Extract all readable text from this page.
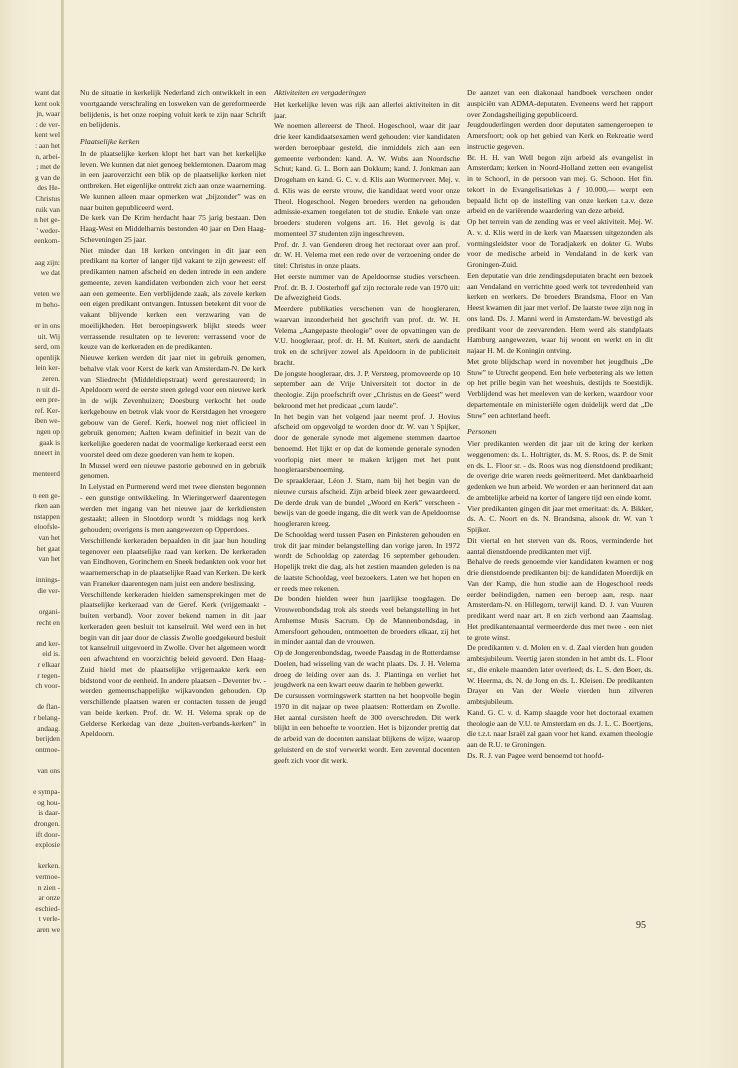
want dat
kent ook
jn, waar
: de ver-
kent wel
: aan het
n, arbei-
; met de
g van de
des He-
Christus
ruik van
n het ge-
' weder-
eenkom-
aag zijn:
we dat
veten we
m beho-
er in ons
uit. Wij
serd, om
openlijk
lein ker-
zeren.
n uit di-
een pre-
ref. Ker-
iben we-
ngen op
gaak is
nneert in
menteerd
n een ge-
rken aan
nstappen
eloofsle-
van het
het gaat
van het
innings-
die ver-
organi-
recht en
and ker-
eid is.
r elkaar
r tegen-
ch voor-
de flan-
r belang-
andaag.
berijden
ontmoe-
van ons
e sympa-
og hou-
is daar-
drongen.
ift door-
explosie
kerken.
vermoe-
n zien -
ar onze
eschied-
t verle-
aren we

Nu de situatie in kerkelijk Nederland zich ontwikkelt in een voortgaande verschraling en losweken van de gereformeerde belijdenis, is het onze roeping voluit kerk te zijn naar Schrift en belijdenis.

Plaatselijke kerken

In de plaatselijke kerken klopt het hart van het kerkelijke leven. We kunnen dat niet genoeg beklemtonen. Daarom mag in een jaaroverzicht een blik op de plaatselijke kerken niet ontbreken. Het eigenlijke onttrekt zich aan onze waarneming. We kunnen alleen maar opmerken wat „bijzonder” was en naar buiten gepubliceerd werd.

De kerk van De Krim herdacht haar 75 jarig bestaan. Den Haag-West en Middelharnis bestonden 40 jaar en Den Haag-Scheveningen 25 jaar.

Niet minder dan 18 kerken ontvingen in dit jaar een predikant na korter of langer tijd vakant te zijn geweest: elf predikanten namen afscheid en deden intrede in een andere gemeente, zeven kandidaten verbonden zich voor het eerst aan een gemeente. Een verblijdende zaak, als zovele kerken een eigen predikant ontvangen. Intussen betekent dit voor de vakant blijvende kerken een verzwaring van de moeilijkheden. Het beroepingswerk blijkt steeds weer verrassende resultaten op te leveren: verrassend voor de keuze van de kerkeraden en de predikanten.

Nieuwe kerken werden dit jaar niet in gebruik genomen, behalve vlak voor Kerst de kerk van Amsterdam-N. De kerk van Sliedrecht (Middeldiepstraat) werd gerestaureerd; in Apeldoorn werd de eerste steen gelegd voor een nieuwe kerk in de wijk Zevenhuizen; Doesburg verkocht het oude kerkgebouw en betrok vlak voor de Kerstdagen het vroegere gebouw van de Geref. Kerk, hoewel nog niet officieel in gebruik genomen; Aalten kwam definitief in bezit van de kerkelijke goederen nadat de voormalige kerkeraad eerst een voorstel deed om deze goederen van hem te kopen.

In Mussel werd een nieuwe pastorie gebouwd en in gebruik genomen.

In Lelystad en Purmerend werd met twee diensten begonnen - een gunstige ontwikkeling. In Wieringerwerf daarentegen werden met ingang van het nieuwe jaar de kerkdiensten gestaakt; alleen in Slootdorp wordt 's middags nog kerk gehouden; overigens is men aangewezen op Opperdoes.

Verschillende kerkeraden bepaalden in dit jaar hun houding tegenover een plaatselijke raad van kerken. De kerkeraden van Eindhoven, Gorinchem en Sneek bedankten ook voor het waarnemerschap in de plaatselijke Raad van Kerken. De kerk van Franeker daarentegen nam juist een andere beslissing.

Verschillende kerkeraden hielden samensprekingen met de plaatselijke kerkeraad van de Geref. Kerk (vrijgemaakt - buiten verband). Voor zover bekend namen in dit jaar kerkeraden geen besluit tot kanselruil. Wel werd een in het begin van dit jaar door de classis Zwolle goedgekeurd besluit tot kanselruil uitgevoerd in Zwolle. Over het algemeen wordt een afwachtend en voorzichtig beleid gevoerd. Den Haag-Zuid hield met de plaatselijke vrijgemaakte kerk een bidstond voor de eenheid. In andere plaatsen - Deventer bv. - werden gemeenschappelijke wijkavonden gehouden. Op verschillende plaatsen waren er contacten tussen de jeugd van beide kerken. Prof. dr. W. H. Velema sprak op de Gelderse Kerkedag van deze „buiten-verbands-kerken” in Apeldoorn.

Aktiviteiten en vergaderingen

Het kerkelijke leven was rijk aan allerlei aktiviteiten in dit jaar.

We noemen allereerst de Theol. Hogeschool, waar dit jaar drie keer kandidaatsexamen werd gehouden: vier kandidaten werden beroepbaar gesteld, die inmiddels zich aan een gemeente verbonden: kand. A. W. Wubs aan Noordsche Schut; kand. G. L. Born aan Dokkum; kand. J. Jonkman aan Drogeham en kand. G. C. v. d. Klis aan Wormerveer. Mej. v. d. Klis was de eerste vrouw, die kandidaat werd voor onze Theol. Hogeschool. Negen broeders werden na gehouden admissie-examen toegelaten tot de studie. Enkele van onze broeders studeren volgens art. 16. Het gevolg is dat momenteel 37 studenten zijn ingeschreven.

Prof. dr. J. van Genderen droeg het rectoraat over aan prof. dr. W. H. Velema met een rede over de verzoening onder de titel: Christus in onze plaats.

Het eerste nummer van de Apeldoornse studies verscheen. Prof. dr. B. J. Oosterhoff gaf zijn rectorale rede van 1970 uit: De afwezigheid Gods.

Meerdere publikaties verschenen van de hoogleraren, waarvan inzonderheid het geschrift van prof. dr. W. H. Velema „Aangepaste theologie” over de opvattingen van de V.U. hoogleraar, prof. dr. H. M. Kuitert, sterk de aandacht trok en de schrijver zowel als Apeldoorn in de publiciteit bracht.

De jongste hoogleraar, drs. J. P. Versteeg, promoveerde op 10 september aan de Vrije Universiteit tot doctor in de theologie. Zijn proefschrift over „Christus en de Geest” werd bekroond met het predicaat „cum laude”.

In het begin van het volgend jaar neemt prof. J. Hovius afscheid om opgevolgd te worden door dr. W. van 't Spijker, door de generale synode met algemene stemmen daartoe benoemd. Het lijkt er op dat de komende generale synoden voorlopig niet meer te maken krijgen met het punt hoogleraarsbenoeming.

De spraakleraar, Léon J. Stam, nam bij het begin van de nieuwe cursus afscheid. Zijn arbeid bleek zeer gewaardeerd. De derde druk van de bundel „Woord en Kerk” verscheen - bewijs van de goede ingang, die dit werk van de Apeldoornse hoogleraren kreeg.

De Schooldag werd tussen Pasen en Pinksteren gehouden en trok dit jaar minder belangstelling dan vorige jaren. In 1972 wordt de Schooldag op zaterdag 16 september gehouden. Hopelijk trekt die dag, als het zestien maanden geleden is na de laatste Schooldag, veel bezoekers. Laten we het hopen en er reeds mee rekenen.

De bonden hielden weer hun jaarlijkse toogdagen. De Vrouwenbondsdag trok als steeds veel belangstelling in het Arnhemse Musis Sacrum. Op de Mannenbondsdag, in Amersfoort gehouden, ontmoetten de broeders elkaar, zij het in minder aantal dan de vrouwen.

Op de Jongerenbondsdag, tweede Paasdag in de Rotterdamse Doelen, had wisseling van de wacht plaats. Ds. J. H. Velema droeg de leiding over aan ds. J. Plantinga en verliet het jeugdwerk na een kwart eeuw daarin te hebben gewerkt.

De cursussen vormingswerk startten na het hoopvolle begin 1970 in dit najaar op twee plaatsen: Rotterdam en Zwolle. Het aantal cursisten heeft de 300 overschreden. Dit werk blijkt in een behoefte te voorzien. Het is bijzonder prettig dat de arbeid van de docenten aanslaat blijkens de wijze, waarop geluisterd en de stof verwerkt wordt. Een zevental docenten geeft zich voor dit werk.

De aanzet van een diakonaal handboek verscheen onder auspiciën van ADMA-deputaten. Eveneens werd het rapport over Zondagsheiliging gepubliceerd.

Jeugdouderlingen werden door deputaten samengeroepen te Amersfoort; ook op het gebied van Kerk en Rekreatie werd instructie gegeven.

Br. H. H. van Well begon zijn arbeid als evangelist in Amsterdam; kerken in Noord-Holland zetten een evangelist in te Schoorl, in de persoon van mej. G. Schoon. Het fin. tekort in de Evangelisatiekas à ƒ 10.000,— werpt een bepaald licht op de instelling van onze kerken t.a.v. deze arbeid en de variërende waardering van deze arbeid.

Op het terrein van de zending was er veel aktiviteit. Mej. W. A. v. d. Klis werd in de kerk van Maarssen uitgezonden als vormingsleidster voor de Toradjakerk en dokter G. Wubs voor de medische arbeid in Vendaland in de kerk van Groningen-Zuid.

Een deputatie van drie zendingsdeputaten bracht een bezoek aan Vendaland en verrichtte goed werk tot tevredenheid van kerken en werkers. De broeders Brandsma, Floor en Van Heest kwamen dit jaar met verlof. De laatste twee zijn nog in ons land. Ds. J. Manni werd in Amsterdam-W. bevestigd als predikant voor de zeevarenden. Hem werd als standplaats Hamburg aangewezen, waar hij woont en werkt en in dit najaar H. M. de Koningin ontving.

Met grote blijdschap werd in november het jeugdhuis „De Stuw” te Utrecht geopend. Een hele verbetering als we letten op het prille begin van het weeshuis, destijds te Soestdijk. Verblijdend was het meeleven van de kerken, waardoor voor departementale en ministeriële ogen duidelijk werd dat „De Stuw” een achterland heeft.

Personen

Vier predikanten werden dit jaar uit de kring der kerken weggenomen: ds. L. Holtrigter, ds. M. S. Roos, ds. P. de Smit en ds. L. Floor sr. - ds. Roos was nog dienstdoend predikant; de overige drie waren reeds geëmeriteerd. Met dankbaarheid gedenken we hun arbeid. We worden er aan herinnerd dat aan de ambtelijke arbeid na korter of langere tijd een einde komt.

Vier predikanten gingen dit jaar met emeritaat: ds. A. Bikker, ds. A. C. Noort en ds. N. Brandsma, alsook dr. W. van 't Spijker.

Dit viertal en het sterven van ds. Roos, verminderde het aantal dienstdoende predikanten met vijf.

Behalve de reeds genoemde vier kandidaten kwamen er nog drie dienstdoende predikanten bij: de kandidaten Moerdijk en Van der Kamp, die hun studie aan de Hogeschool reeds eerder beëindigden, namen een beroep aan, resp. naar Amsterdam-N. en Hillegom, terwijl kand. D. J. van Vuuren predikant werd naar art. 8 en zich verbond aan Zaamslag. Het predikantenaantal vermeerderde dus met twee - een niet te grote winst.

De predikanten v. d. Molen en v. d. Zaal vierden hun gouden ambtsjubileum. Veertig jaren stonden in het ambt ds. L. Floor sr., die enkele maanden later overleed; ds. L. S. den Boer, ds. W. Heerma, ds. N. de Jong en ds. L. Kleisen. De predikanten Drayer en Van der Weele vierden hun zilveren ambtsjubileum.

Kand. G. C. v. d. Kamp slaagde voor het doctoraal examen theologie aan de V.U. te Amsterdam en ds. J. L. C. Boertjens, die t.z.t. naar Israël zal gaan voor het kand. examen theologie aan de R.U. te Groningen.

Ds. R. J. van Pagee werd benoemd tot hoofd-

95
